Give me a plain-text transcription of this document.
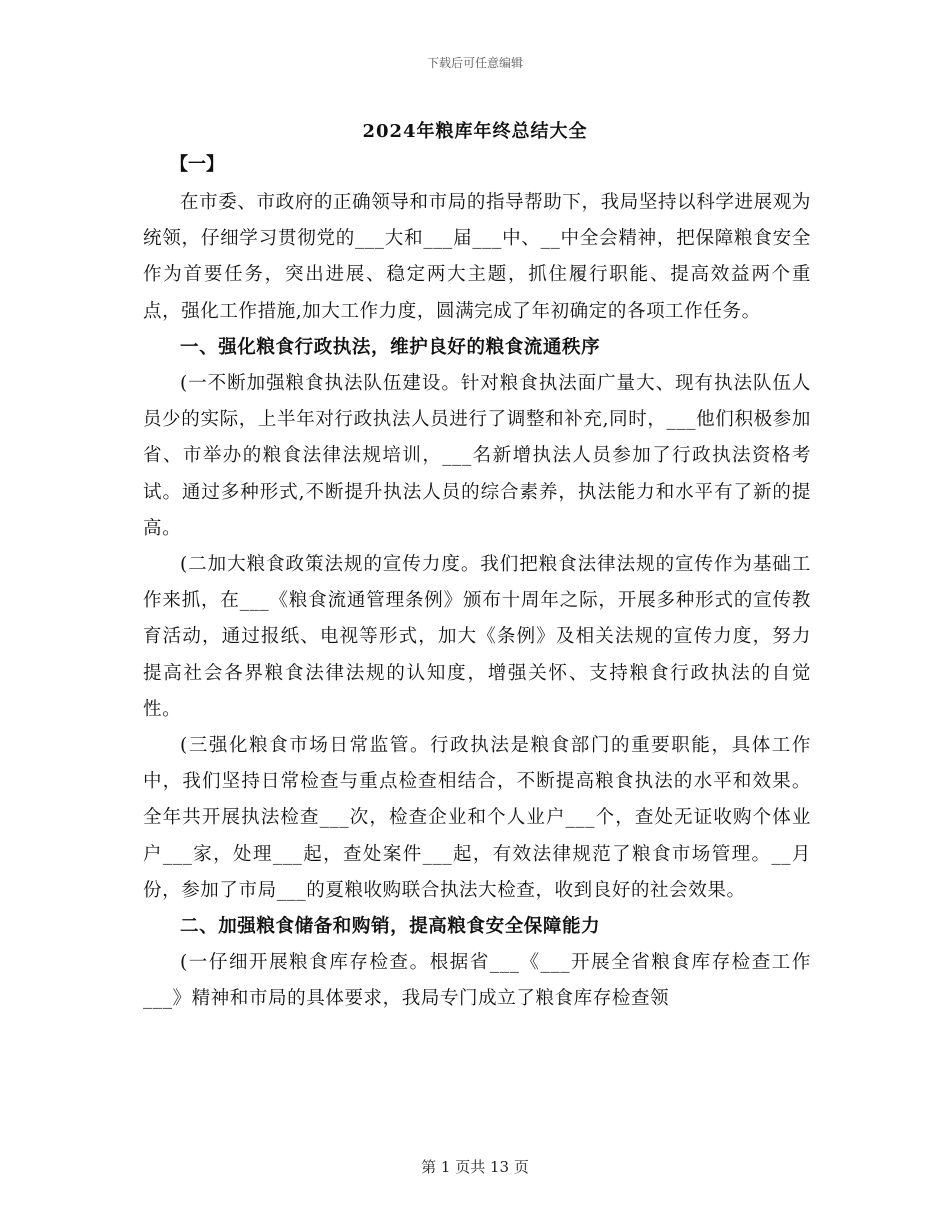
下载后可任意编辑
2024年粮库年终总结大全
【一】

在市委、市政府的正确领导和市局的指导帮助下，我局坚持以科学进展观为统领，仔细学习贯彻党的___大和___届___中、__中全会精神，把保障粮食安全作为首要任务，突出进展、稳定两大主题，抓住履行职能、提高效益两个重点，强化工作措施,加大工作力度，圆满完成了年初确定的各项工作任务。

一、强化粮食行政执法，维护良好的粮食流通秩序

(一不断加强粮食执法队伍建设。针对粮食执法面广量大、现有执法队伍人员少的实际，上半年对行政执法人员进行了调整和补充,同时，___他们积极参加省、市举办的粮食法律法规培训，___名新增执法人员参加了行政执法资格考试。通过多种形式,不断提升执法人员的综合素养，执法能力和水平有了新的提高。

(二加大粮食政策法规的宣传力度。我们把粮食法律法规的宣传作为基础工作来抓，在___《粮食流通管理条例》颁布十周年之际，开展多种形式的宣传教育活动，通过报纸、电视等形式，加大《条例》及相关法规的宣传力度，努力提高社会各界粮食法律法规的认知度，增强关怀、支持粮食行政执法的自觉性。

(三强化粮食市场日常监管。行政执法是粮食部门的重要职能，具体工作中，我们坚持日常检查与重点检查相结合，不断提高粮食执法的水平和效果。全年共开展执法检查___次，检查企业和个人业户___个，查处无证收购个体业户___家，处理___起，查处案件___起，有效法律规范了粮食市场管理。__月份，参加了市局___的夏粮收购联合执法大检查，收到良好的社会效果。

二、加强粮食储备和购销，提高粮食安全保障能力

(一仔细开展粮食库存检查。根据省___《___开展全省粮食库存检查工作___》精神和市局的具体要求，我局专门成立了粮食库存检查领

第 1 页共 13 页
